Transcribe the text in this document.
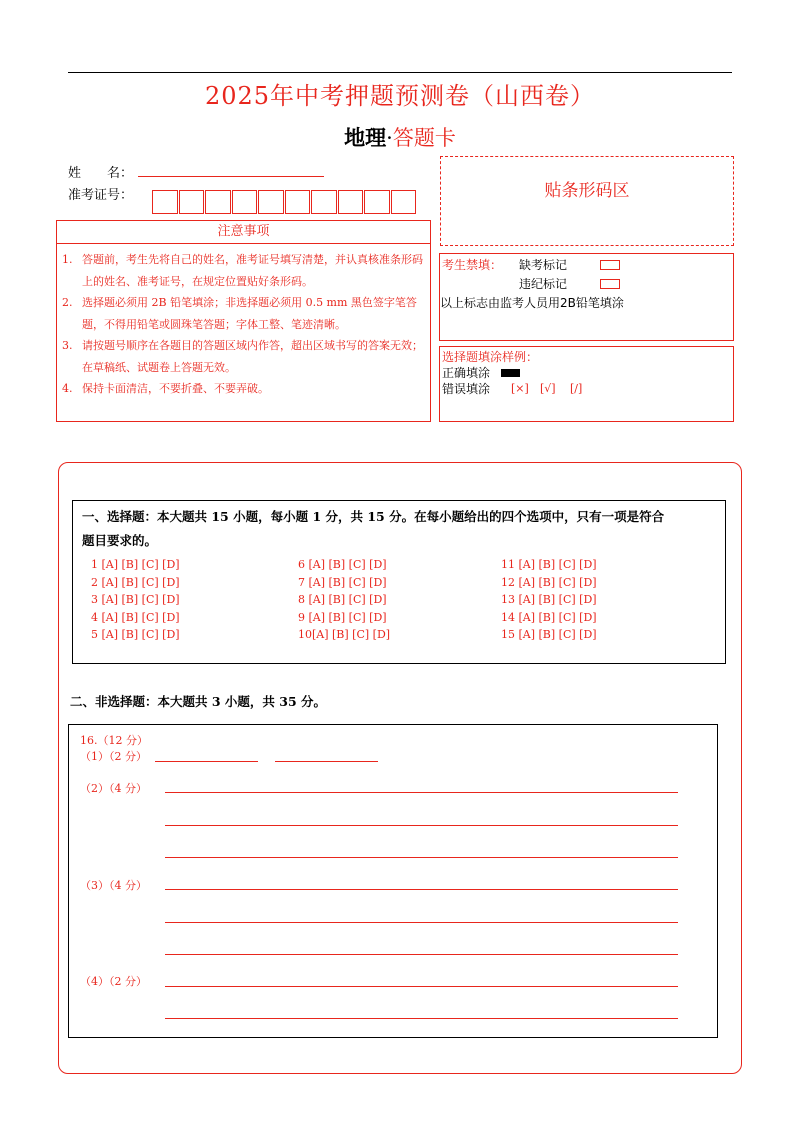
2025年中考押题预测卷（山西卷）
地理·答题卡
姓　　名：
准考证号：	贴条形码区
注意事项
1. 答题前，考生先将自己的姓名，准考证号填写清楚，并认真核准条形码上的姓名、准考证号，在规定位置贴好条形码。
2. 选择题必须用 2B 铅笔填涂；非选择题必须用 0.5 mm 黑色签字笔答题，不得用铅笔或圆珠笔答题；字体工整、笔迹清晰。
3. 请按题号顺序在各题目的答题区域内作答，超出区域书写的答案无效；在草稿纸、试题卷上答题无效。
4. 保持卡面清洁，不要折叠、不要弄破。
考生禁填： 缺考标记
违纪标记
以上标志由监考人员用2B铅笔填涂
选择题填涂样例：
正确填涂
错误填涂 [×] [√] [/]
一、选择题：本大题共 15 小题，每小题 1 分，共 15 分。在每小题给出的四个选项中，只有一项是符合
题目要求的。
1 [A] [B] [C] [D]
2 [A] [B] [C] [D]
3 [A] [B] [C] [D]
4 [A] [B] [C] [D]
5 [A] [B] [C] [D]
6 [A] [B] [C] [D]
7 [A] [B] [C] [D]
8 [A] [B] [C] [D]
9 [A] [B] [C] [D]
10[A] [B] [C] [D]
11 [A] [B] [C] [D]
12 [A] [B] [C] [D]
13 [A] [B] [C] [D]
14 [A] [B] [C] [D]
15 [A] [B] [C] [D]
二、非选择题：本大题共 3 小题，共 35 分。
16.（12 分）
（1）（2 分）
（2）（4 分）
（3）（4 分）
（4）（2 分）
